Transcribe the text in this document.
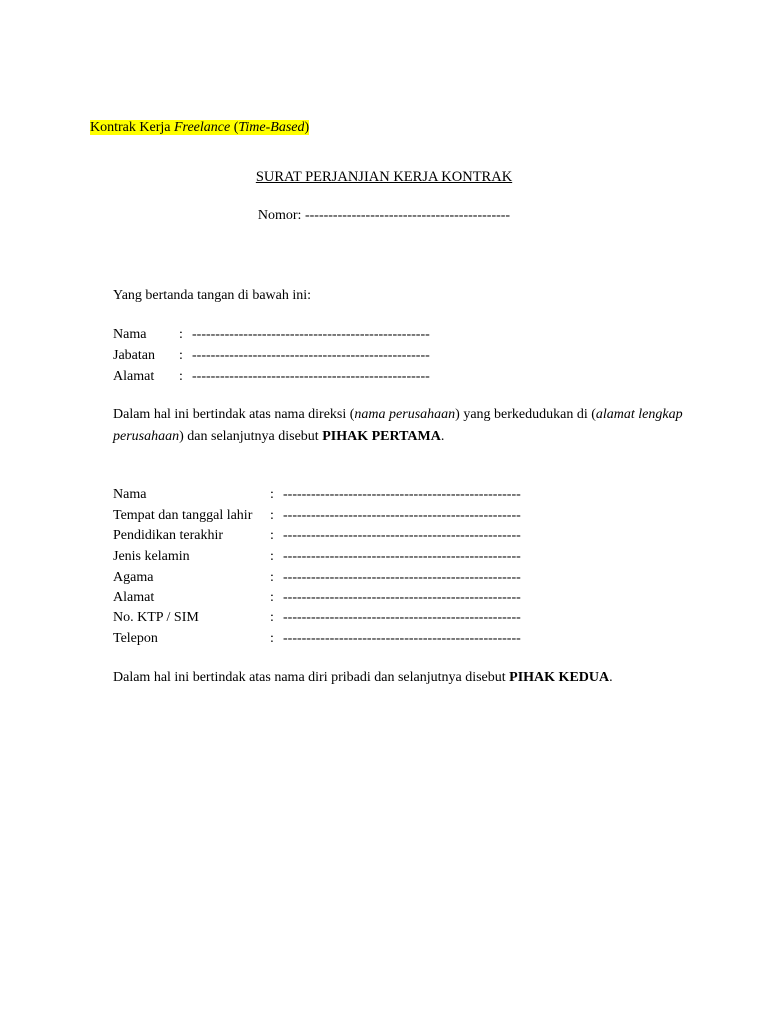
Kontrak Kerja Freelance (Time-Based)
SURAT PERJANJIAN KERJA KONTRAK
Nomor: --------------------------------------------
Yang bertanda tangan di bawah ini:
Nama : ---------------------------------------------------
Jabatan : ---------------------------------------------------
Alamat : ---------------------------------------------------
Dalam hal ini bertindak atas nama direksi (nama perusahaan) yang berkedudukan di (alamat lengkap perusahaan) dan selanjutnya disebut PIHAK PERTAMA.
Nama	: ---------------------------------------------------
Tempat dan tanggal lahir : ---------------------------------------------------
Pendidikan terakhir	: ---------------------------------------------------
Jenis kelamin	: ---------------------------------------------------
Agama	: ---------------------------------------------------
Alamat	: ---------------------------------------------------
No. KTP / SIM	: ---------------------------------------------------
Telepon	: ---------------------------------------------------
Dalam hal ini bertindak atas nama diri pribadi dan selanjutnya disebut PIHAK KEDUA.
